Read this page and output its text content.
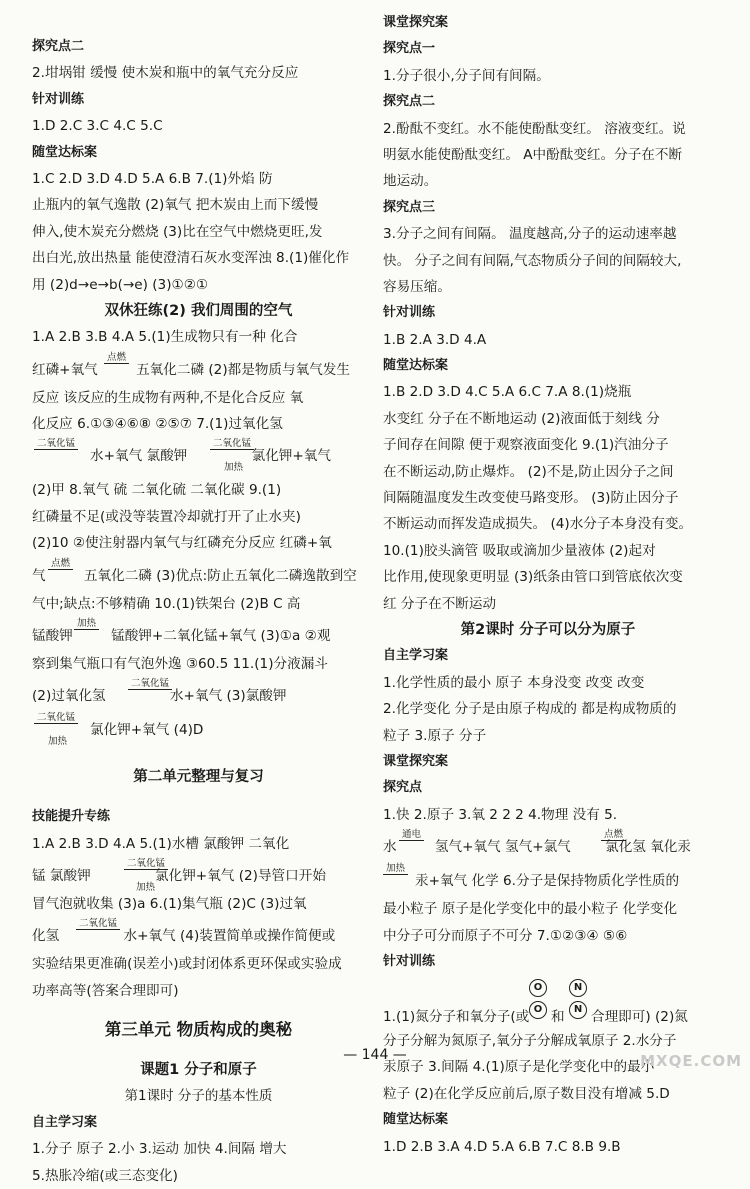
探究点二
2.坩埚钳 缓慢 使木炭和瓶中的氧气充分反应
针对训练
1.D 2.C 3.C 4.C 5.C
随堂达标案
1.C 2.D 3.D 4.D 5.A 6.B 7.(1)外焰 防
止瓶内的氧气逸散 (2)氧气 把木炭由上而下缓慢
伸入,使木炭充分燃烧 (3)比在空气中燃烧更旺,发
出白光,放出热量 能使澄清石灰水变浑浊 8.(1)催化作
用 (2)d→e→b(→e) (3)①②①
双休狂练(2) 我们周围的空气
1.A 2.B 3.B 4.A 5.(1)生成物只有一种 化合
红磷+氧气
点燃
五氧化二磷 (2)都是物质与氧气发生
反应 该反应的生成物有两种,不是化合反应 氧
化反应 6.①③④⑥⑧ ②⑤⑦ 7.(1)过氧化氢
二氧化锰
水+氧气 氯酸钾
二氧化锰
加热
氯化钾+氧气
(2)甲 8.氧气 硫 二氧化硫 二氧化碳 9.(1)
红磷量不足(或没等装置冷却就打开了止水夹)
(2)10 ②使注射器内氧气与红磷充分反应 红磷+氧
气
点燃
五氧化二磷 (3)优点:防止五氧化二磷逸散到空
气中;缺点:不够精确 10.(1)铁架台 (2)B C 高
锰酸钾
加热
锰酸钾+二氧化锰+氧气 (3)①a ②观
察到集气瓶口有气泡外逸 ③60.5 11.(1)分液漏斗
(2)过氧化氢
二氧化锰
水+氧气 (3)氯酸钾
二氧化锰
加热
氯化钾+氧气 (4)D
第二单元整理与复习
技能提升专练
1.A 2.B 3.D 4.A 5.(1)水槽 氯酸钾 二氧化
锰 氯酸钾
二氧化锰
加热
氯化钾+氧气 (2)导管口开始
冒气泡就收集 (3)a 6.(1)集气瓶 (2)C (3)过氧
化氢
二氧化锰
水+氧气 (4)装置简单或操作简便或
实验结果更准确(误差小)或封闭体系更环保或实验成
功率高等(答案合理即可)
第三单元 物质构成的奥秘
课题1 分子和原子
第1课时 分子的基本性质
自主学习案
1.分子 原子 2.小 3.运动 加快 4.间隔 增大
5.热胀冷缩(或三态变化)
课堂探究案
探究点一
1.分子很小,分子间有间隔。
探究点二
2.酚酞不变红。水不能使酚酞变红。 溶液变红。说
明氨水能使酚酞变红。 A中酚酞变红。分子在不断
地运动。
探究点三
3.分子之间有间隔。 温度越高,分子的运动速率越
快。 分子之间有间隔,气态物质分子间的间隔较大,
容易压缩。
针对训练
1.B 2.A 3.D 4.A
随堂达标案
1.B 2.D 3.D 4.C 5.A 6.C 7.A 8.(1)烧瓶
水变红 分子在不断地运动 (2)液面低于刻线 分
子间存在间隙 便于观察液面变化 9.(1)汽油分子
在不断运动,防止爆炸。 (2)不是,防止因分子之间
间隔随温度发生改变使马路变形。 (3)防止因分子
不断运动而挥发造成损失。 (4)水分子本身没有变。
10.(1)胶头滴管 吸取或滴加少量液体 (2)起对
比作用,使现象更明显 (3)纸条由管口到管底依次变
红 分子在不断运动
第2课时 分子可以分为原子
自主学习案
1.化学性质的最小 原子 本身没变 改变 改变
2.化学变化 分子是由原子构成的 都是构成物质的
粒子 3.原子 分子
课堂探究案
探究点
1.快 2.原子 3.氧 2 2 2 4.物理 没有 5.
水
通电
氢气+氧气 氢气+氯气
点燃
氯化氢 氧化汞
加热
汞+氧气 化学 6.分子是保持物质化学性质的
最小粒子 原子是化学变化中的最小粒子 化学变化
中分子可分而原子不可分 7.①②③④ ⑤⑥
针对训练
1.(1)氮分子和氧分子(或
O
O 和
N
N 合理即可) (2)氮
分子分解为氮原子,氧分子分解成氧原子 2.水分子
汞原子 3.间隔 4.(1)原子是化学变化中的最小
粒子 (2)在化学反应前后,原子数目没有增减 5.D
随堂达标案
1.D 2.B 3.A 4.D 5.A 6.B 7.C 8.B 9.B
— 144 —	MXQE.COM
